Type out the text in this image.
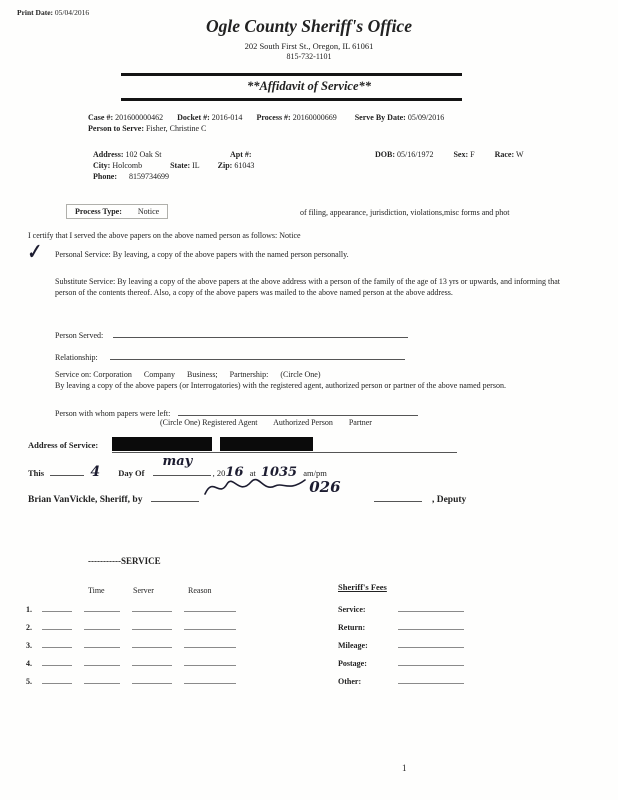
Print Date: 05/04/2016
Ogle County Sheriff's Office
202 South First St., Oregon, IL 61061
815-732-1101
**Affidavit of Service**
Case #: 201600000462 Docket #: 2016-014 Process #: 20160000669 Serve By Date: 05/09/2016
Person to Serve: Fisher, Christine C
Address: 102 Oak St	Apt #:	DOB: 05/16/1972	Sex: F	Race: W
City: Holcomb	State: IL Zip: 61043
Phone: 8159734699
Process Type: Notice	of filing, appearance, jurisdiction, violations,misc forms and phot
I certify that I served the above papers on the above named person as follows: Notice
✓ Personal Service: By leaving, a copy of the above papers with the named person personally.
Substitute Service: By leaving a copy of the above papers at the above address with a person of the family of the age of 13 yrs or upwards, and informing that person of the contents thereof. Also, a copy of the above papers was mailed to the above named person at the above address.
Person Served:
Relationship:
Service on: Corporation      Company      Business;      Partnership:      (Circle One)
By leaving a copy of the above papers (or Interrogatories) with the registered agent, authorized person or partner of the above named person.
Person with whom papers were left:
(Circle One) Registered Agent        Authorized Person        Partner
Address of Service:
This	4 Day Of
may
, 2016 at 1035 am/pm
Brian VanVickle, Sheriff, by
026
, Deputy
-----------SERVICE
Time	Server	Reason	Sheriff's Fees
1.
2.
3.
4.
5.
Service:
Return:
Mileage:
Postage:
Other:
1
